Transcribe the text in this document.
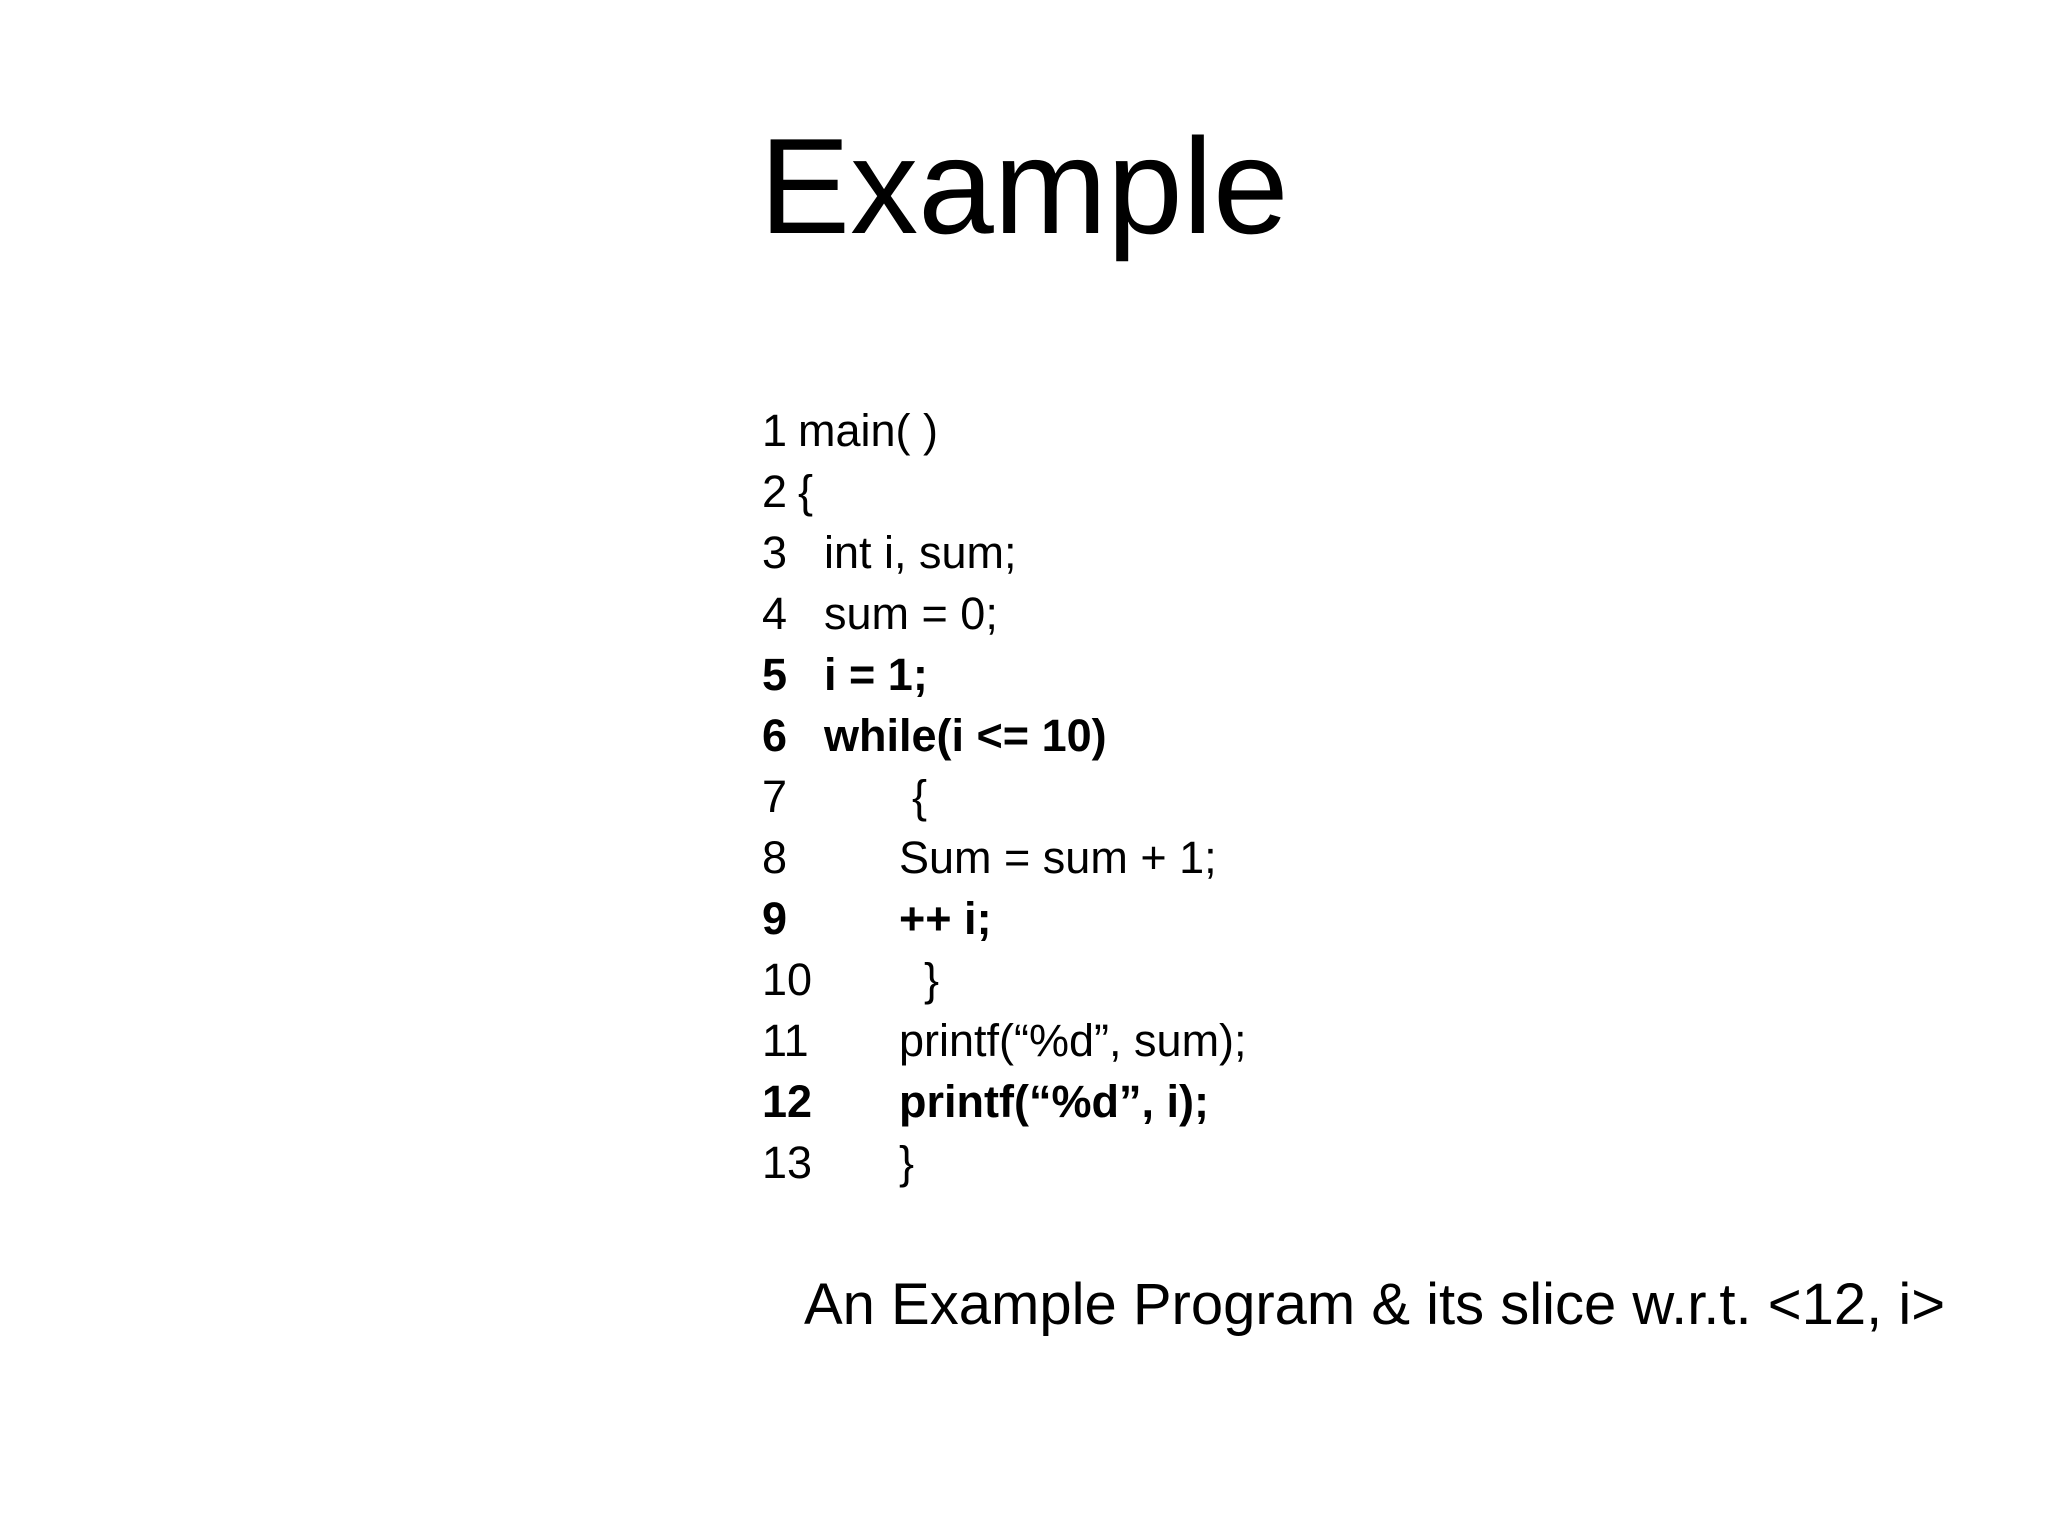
Example

1

main( )

2

{

3

int i, sum;

4

sum = 0;

5

i = 1;

6

while(i <= 10)

7

	{

8

Sum = sum + 1;

9

++ i;

10

}

11

printf(“%d”, sum);

12

printf(“%d”, i);

13

}

An Example Program & its slice w.r.t. <12, i>
